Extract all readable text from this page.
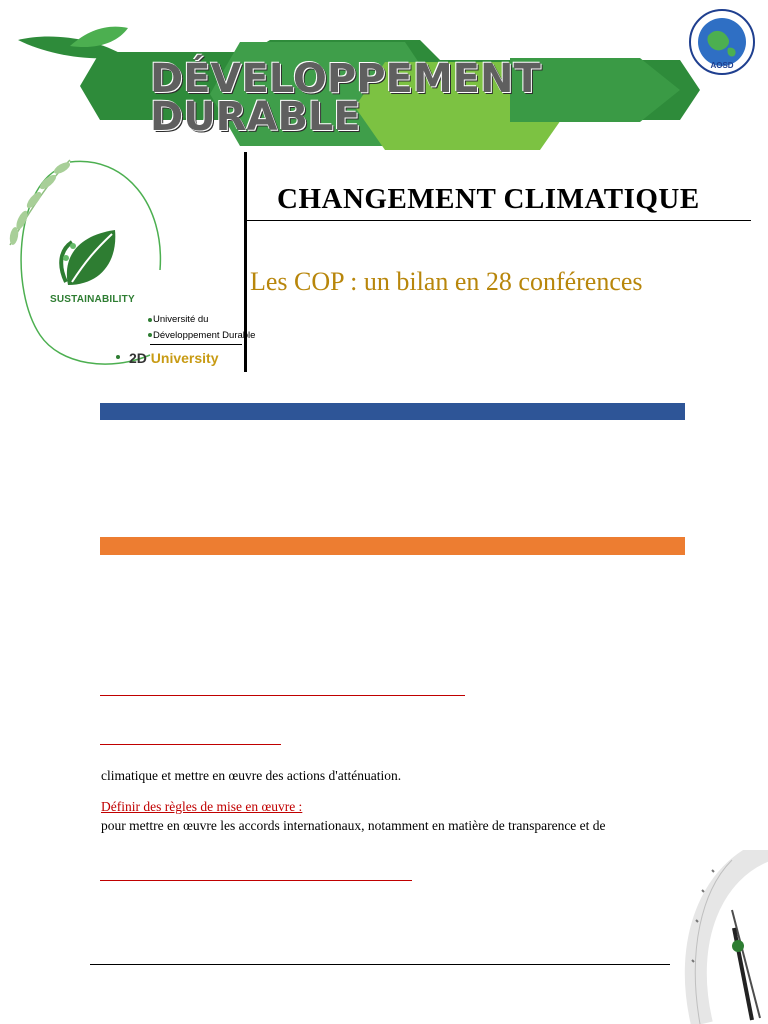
DÉVELOPPEMENT
DURABLE
AOSD
CHANGEMENT CLIMATIQUE
Les COP : un bilan en 28 conférences
SUSTAINABILITY
Université du
Développement Durable
2D University
climatique et mettre en œuvre des actions d'atténuation.
Définir des règles de mise en œuvre :
pour mettre en œuvre les accords internationaux, notamment en matière de transparence et de
